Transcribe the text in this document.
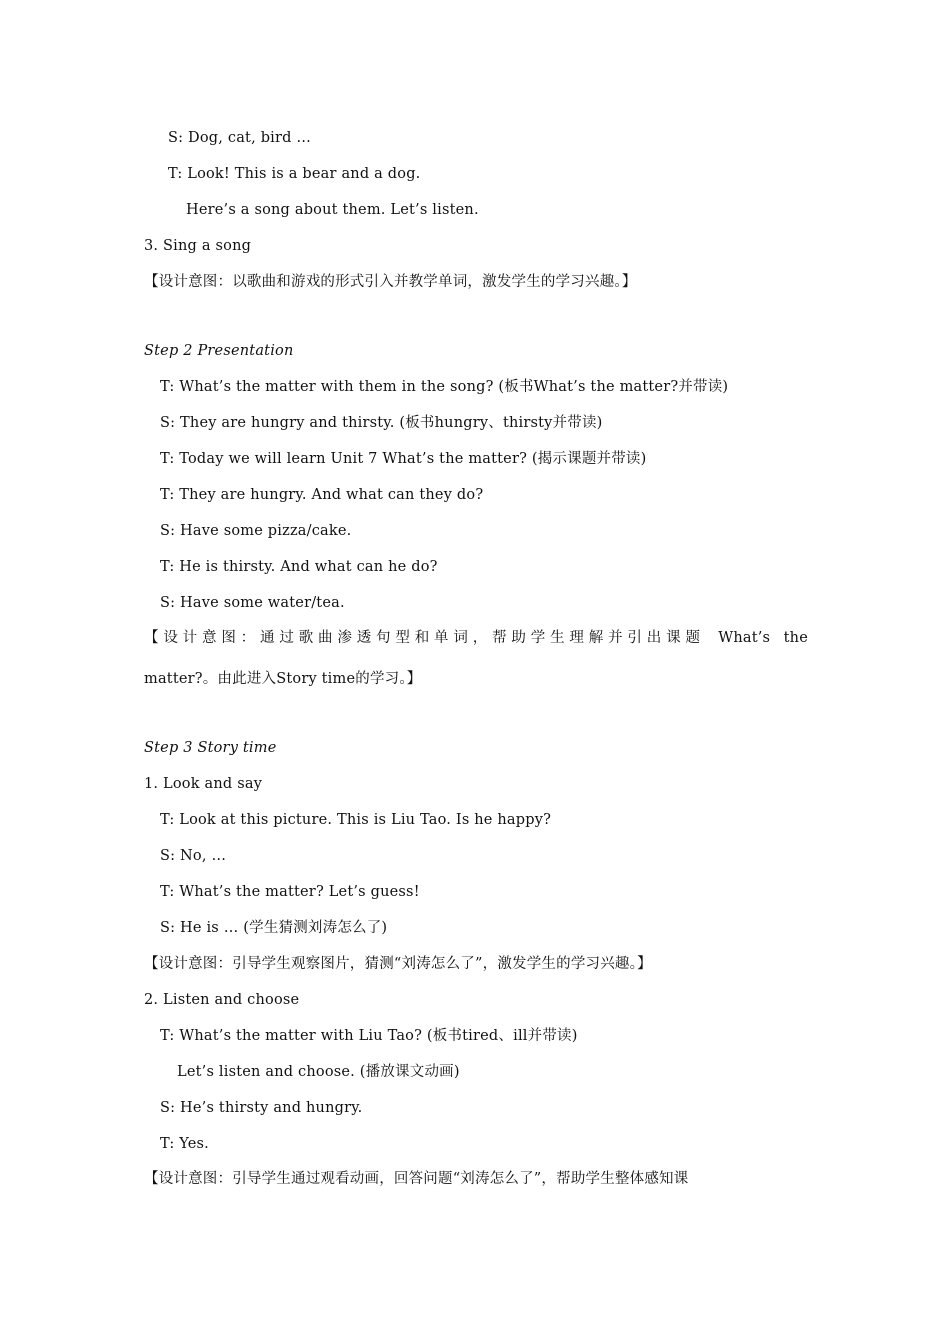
S: Dog, cat, bird …
T: Look! This is a bear and a dog.
Here’s a song about them. Let’s listen.
3. Sing a song
【设计意图：以歌曲和游戏的形式引入并教学单词，激发学生的学习兴趣。】
Step 2 Presentation
T: What’s the matter with them in the song? (板书What’s the matter?并带读)
S: They are hungry and thirsty. (板书hungry、thirsty并带读)
T: Today we will learn Unit 7 What’s the matter? (揭示课题并带读)
T: They are hungry. And what can they do?
S: Have some pizza/cake.
T: He is thirsty. And what can he do?
S: Have some water/tea.
【设计意图：通过歌曲渗透句型和单词，帮助学生理解并引出课题 What’s the
matter?。由此进入Story time的学习。】
Step 3 Story time
1. Look and say
T: Look at this picture. This is Liu Tao. Is he happy?
S: No, …
T: What’s the matter? Let’s guess!
S: He is … (学生猜测刘涛怎么了)
【设计意图：引导学生观察图片，猜测“刘涛怎么了”，激发学生的学习兴趣。】
2. Listen and choose
T: What’s the matter with Liu Tao? (板书tired、ill并带读)
Let’s listen and choose. (播放课文动画)
S: He’s thirsty and hungry.
T: Yes.
【设计意图：引导学生通过观看动画，回答问题“刘涛怎么了”，帮助学生整体感知课
